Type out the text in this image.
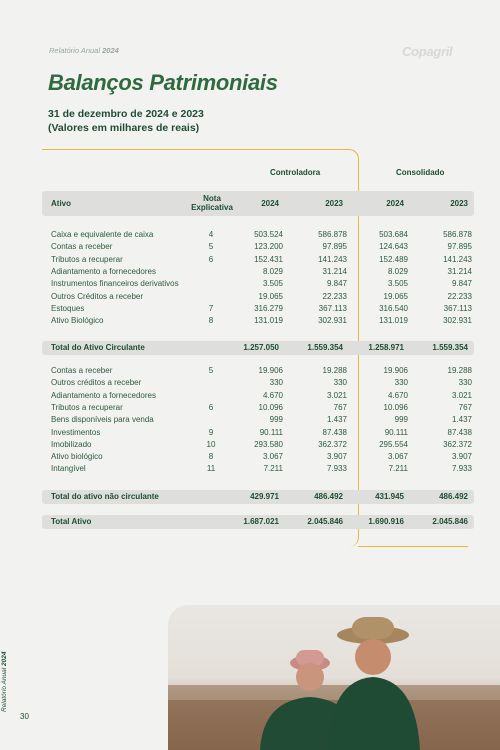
Relatório Anual 2024	Copagril
Balanços Patrimoniais
31 de dezembro de 2024 e 2023
(Valores em milhares de reais)
Controladora	Consolidado
Ativo
Nota
Explicativa	2024	2023	2024	2023
Caixa e equivalente de caixa	4	503.524	586.878	503.684	586.878
Contas a receber	5	123.200	97.895	124.643	97.895
Tributos a recuperar	6	152.431	141.243	152.489	141.243
Adiantamento a fornecedores	8.029	31.214	8.029	31.214
Instrumentos financeiros derivativos	3.505	9.847	3.505	9.847
Outros Créditos a receber	19.065	22.233	19.065	22.233
Estoques	7	316.279	367.113	316.540	367.113
Ativo Biológico	8	131.019	302.931	131.019	302.931
Total do Ativo Circulante	1.257.050	1.559.354	1.258.971	1.559.354
Contas a receber	5	19.906	19.288	19.906	19.288
Outros créditos a receber	330	330	330	330
Adiantamento a fornecedores	4.670	3.021	4.670	3.021
Tributos a recuperar	6	10.096	767	10.096	767
Bens disponíveis para venda	999	1.437	999	1.437
Investimentos	9	90.111	87.438	90.111	87.438
Imobilizado	10	293.580	362.372	295.554	362.372
Ativo biológico	8	3.067	3.907	3.067	3.907
Intangível	11	7.211	7.933	7.211	7.933
Total do ativo não circulante	429.971	486.492	431.945	486.492
Total Ativo	1.687.021	2.045.846	1.690.916	2.045.846
Relatório Anual 2024
30
